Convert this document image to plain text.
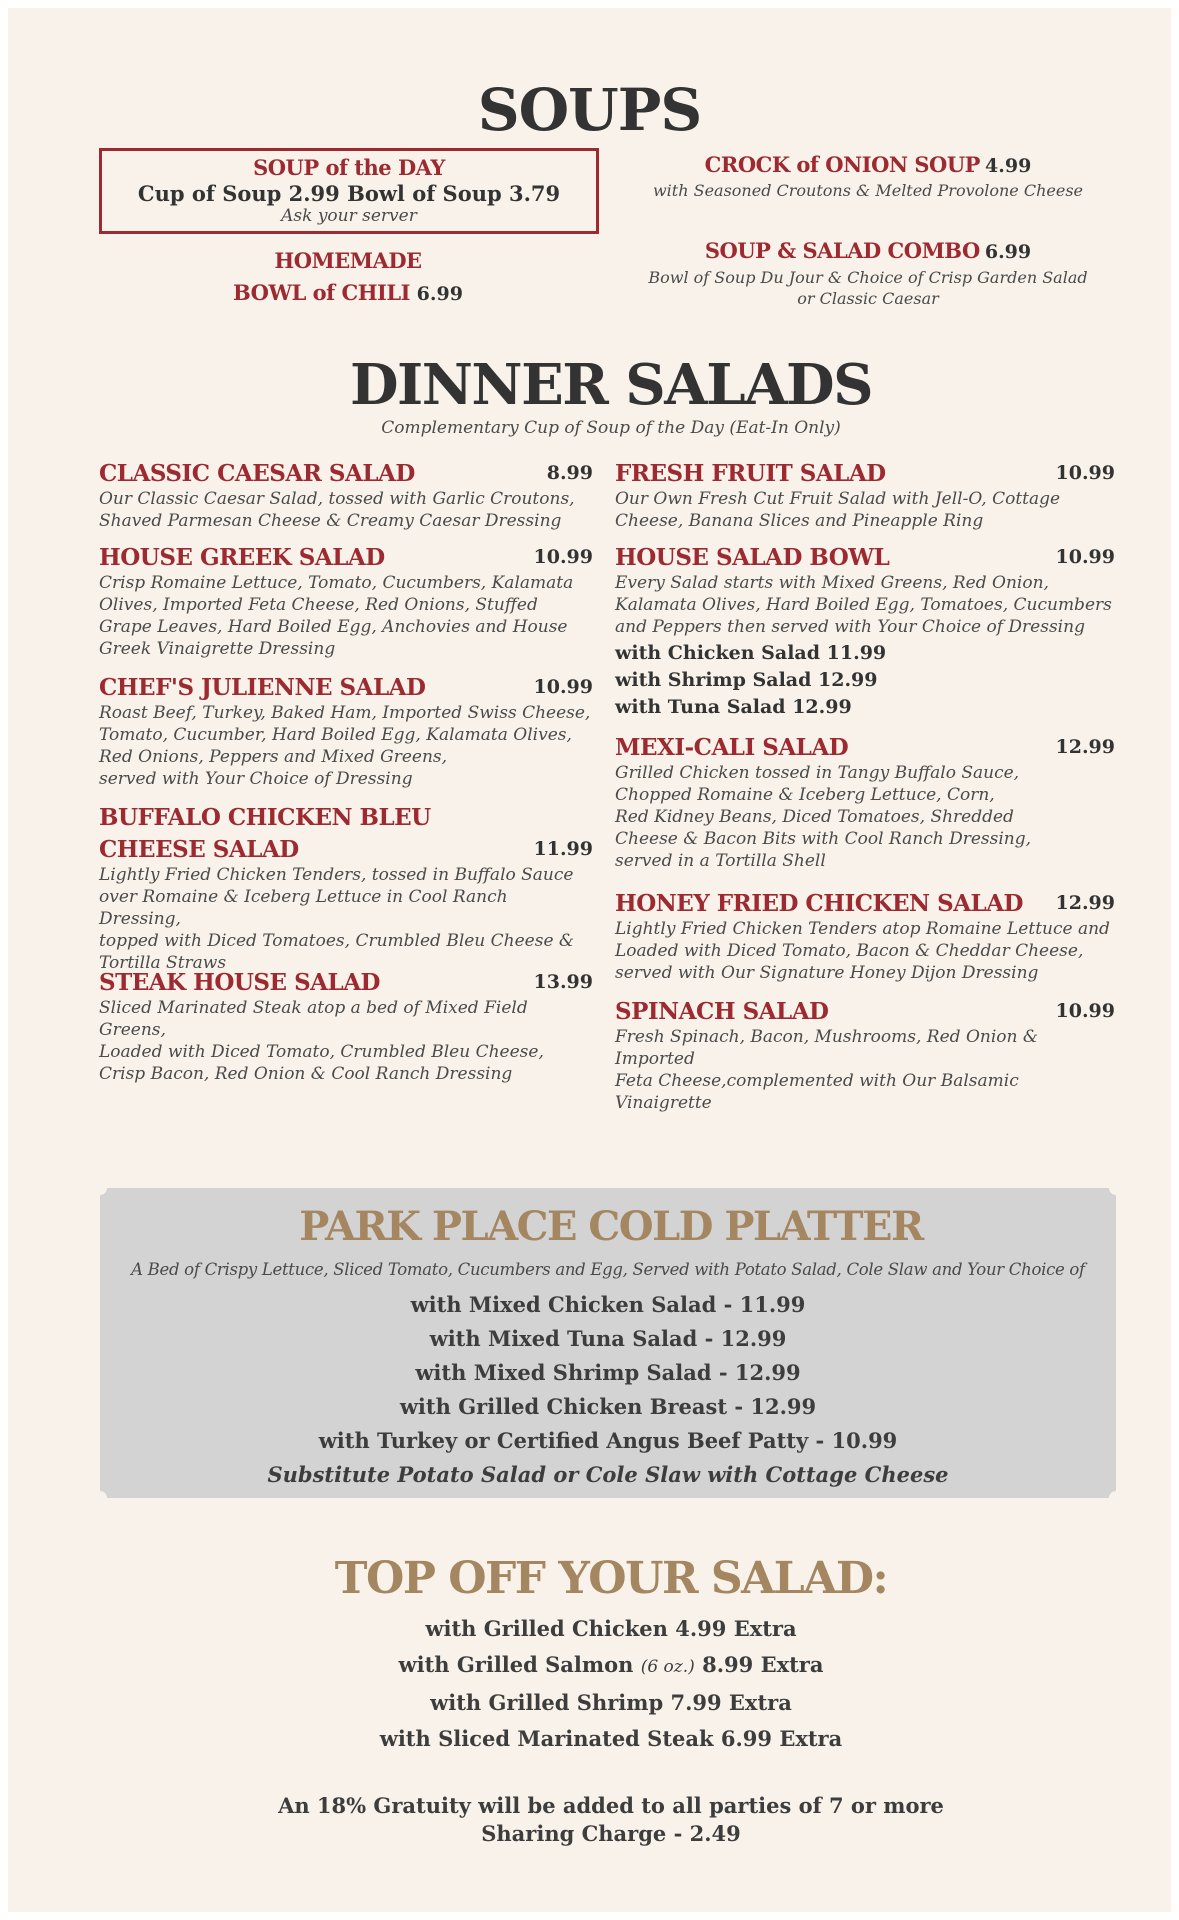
SOUPS
SOUP of the DAY
Cup of Soup 2.99 Bowl of Soup 3.79
Ask your server
HOMEMADE
BOWL of CHILI 6.99
CROCK of ONION SOUP 4.99
with Seasoned Croutons & Melted Provolone Cheese
SOUP & SALAD COMBO 6.99
Bowl of Soup Du Jour & Choice of Crisp Garden Salad
or Classic Caesar
DINNER SALADS
Complementary Cup of Soup of the Day (Eat-In Only)
CLASSIC CAESAR SALAD	8.99
Our Classic Caesar Salad, tossed with Garlic Croutons,
Shaved Parmesan Cheese & Creamy Caesar Dressing
HOUSE GREEK SALAD	10.99
Crisp Romaine Lettuce, Tomato, Cucumbers, Kalamata
Olives, Imported Feta Cheese, Red Onions, Stuffed
Grape Leaves, Hard Boiled Egg, Anchovies and House
Greek Vinaigrette Dressing
CHEF'S JULIENNE SALAD	10.99
Roast Beef, Turkey, Baked Ham, Imported Swiss Cheese,
Tomato, Cucumber, Hard Boiled Egg, Kalamata Olives,
Red Onions, Peppers and Mixed Greens,
served with Your Choice of Dressing
BUFFALO CHICKEN BLEU
CHEESE SALAD	11.99
Lightly Fried Chicken Tenders, tossed in Buffalo Sauce
over Romaine & Iceberg Lettuce in Cool Ranch Dressing,
topped with Diced Tomatoes, Crumbled Bleu Cheese &
Tortilla Straws
STEAK HOUSE SALAD	13.99
Sliced Marinated Steak atop a bed of Mixed Field Greens,
Loaded with Diced Tomato, Crumbled Bleu Cheese,
Crisp Bacon, Red Onion & Cool Ranch Dressing
FRESH FRUIT SALAD	10.99
Our Own Fresh Cut Fruit Salad with Jell-O, Cottage
Cheese, Banana Slices and Pineapple Ring
HOUSE SALAD BOWL	10.99
Every Salad starts with Mixed Greens, Red Onion,
Kalamata Olives, Hard Boiled Egg, Tomatoes, Cucumbers
and Peppers then served with Your Choice of Dressing
with Chicken Salad 11.99
with Shrimp Salad 12.99
with Tuna Salad 12.99
MEXI-CALI SALAD	12.99
Grilled Chicken tossed in Tangy Buffalo Sauce,
Chopped Romaine & Iceberg Lettuce, Corn,
Red Kidney Beans, Diced Tomatoes, Shredded
Cheese & Bacon Bits with Cool Ranch Dressing,
served in a Tortilla Shell
HONEY FRIED CHICKEN SALAD 12.99
Lightly Fried Chicken Tenders atop Romaine Lettuce and
Loaded with Diced Tomato, Bacon & Cheddar Cheese,
served with Our Signature Honey Dijon Dressing
SPINACH SALAD	10.99
Fresh Spinach, Bacon, Mushrooms, Red Onion & Imported
Feta Cheese,complemented with Our Balsamic Vinaigrette
PARK PLACE COLD PLATTER
A Bed of Crispy Lettuce, Sliced Tomato, Cucumbers and Egg, Served with Potato Salad, Cole Slaw and Your Choice of
with Mixed Chicken Salad - 11.99
with Mixed Tuna Salad - 12.99
with Mixed Shrimp Salad - 12.99
with Grilled Chicken Breast - 12.99
with Turkey or Certified Angus Beef Patty - 10.99
Substitute Potato Salad or Cole Slaw with Cottage Cheese
TOP OFF YOUR SALAD:
with Grilled Chicken 4.99 Extra
with Grilled Salmon (6 oz.) 8.99 Extra
with Grilled Shrimp 7.99 Extra
with Sliced Marinated Steak 6.99 Extra
An 18% Gratuity will be added to all parties of 7 or more
Sharing Charge - 2.49
